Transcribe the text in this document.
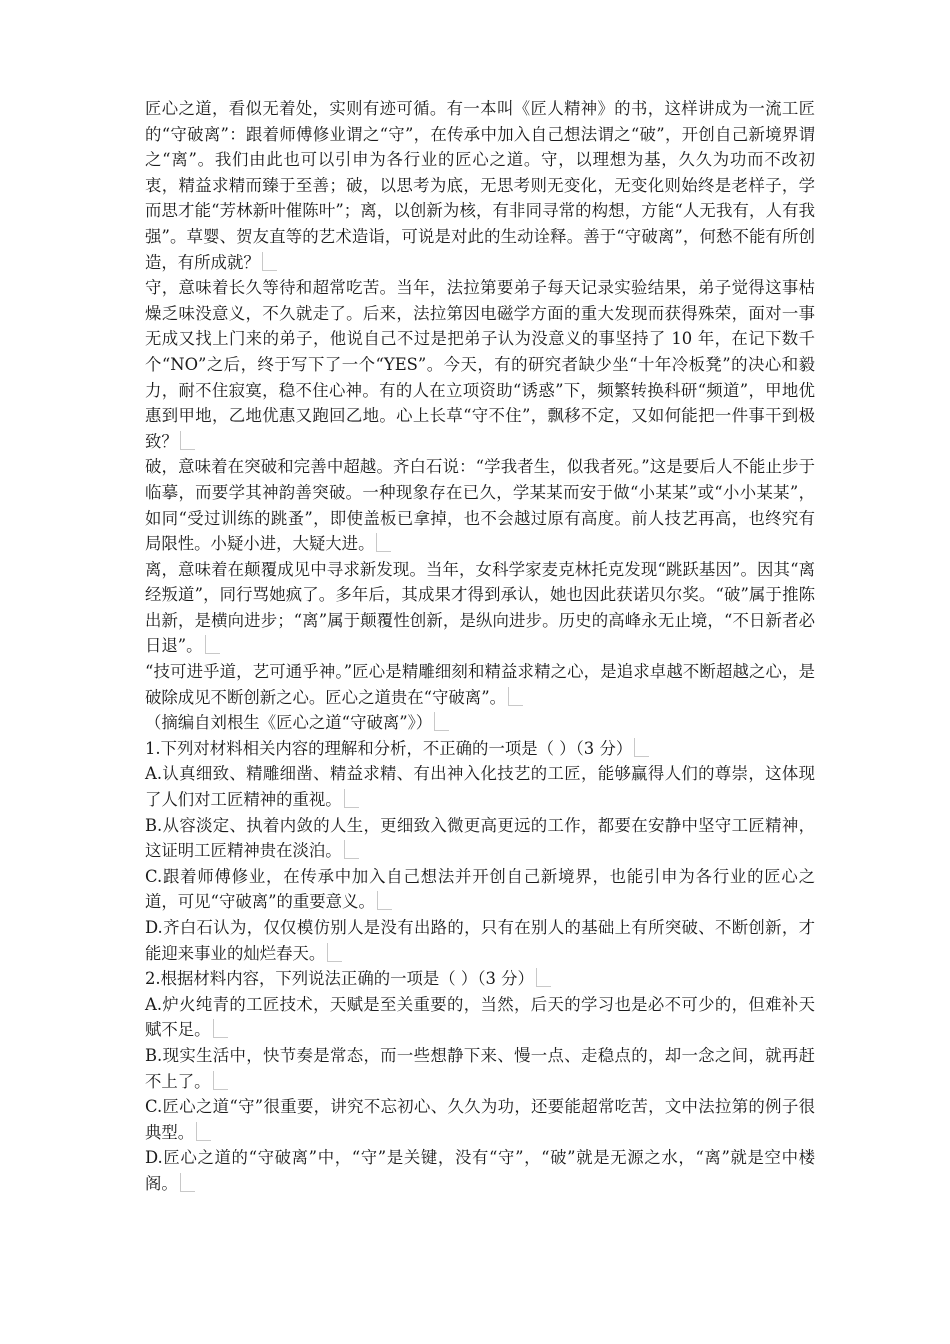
匠心之道，看似无着处，实则有迹可循。有一本叫《匠人精神》的书，这样讲成为一流工匠的“守破离”：跟着师傅修业谓之“守”，在传承中加入自己想法谓之“破”，开创自己新境界谓之“离”。我们由此也可以引申为各行业的匠心之道。守，以理想为基，久久为功而不改初衷，精益求精而臻于至善；破，以思考为底，无思考则无变化，无变化则始终是老样子，学而思才能“芳林新叶催陈叶”；离，以创新为核，有非同寻常的构想，方能“人无我有，人有我强”。草婴、贺友直等的艺术造诣，可说是对此的生动诠释。善于“守破离”，何愁不能有所创造，有所成就？

守，意味着长久等待和超常吃苦。当年，法拉第要弟子每天记录实验结果，弟子觉得这事枯燥乏味没意义，不久就走了。后来，法拉第因电磁学方面的重大发现而获得殊荣，面对一事无成又找上门来的弟子，他说自己不过是把弟子认为没意义的事坚持了 10 年，在记下数千个“NO”之后，终于写下了一个“YES”。今天，有的研究者缺少坐“十年冷板凳”的决心和毅力，耐不住寂寞，稳不住心神。有的人在立项资助“诱惑”下，频繁转换科研“频道”，甲地优惠到甲地，乙地优惠又跑回乙地。心上长草“守不住”，飘移不定，又如何能把一件事干到极致？

破，意味着在突破和完善中超越。齐白石说：“学我者生，似我者死。”这是要后人不能止步于临摹，而要学其神韵善突破。一种现象存在已久，学某某而安于做“小某某”或“小小某某”，如同“受过训练的跳蚤”，即使盖板已拿掉，也不会越过原有高度。前人技艺再高，也终究有局限性。小疑小进，大疑大进。

离，意味着在颠覆成见中寻求新发现。当年，女科学家麦克林托克发现“跳跃基因”。因其“离经叛道”，同行骂她疯了。多年后，其成果才得到承认，她也因此获诺贝尔奖。“破”属于推陈出新，是横向进步；“离”属于颠覆性创新，是纵向进步。历史的高峰永无止境，“不日新者必日退”。

“技可进乎道，艺可通乎神。”匠心是精雕细刻和精益求精之心，是追求卓越不断超越之心，是破除成见不断创新之心。匠心之道贵在“守破离”。

（摘编自刘根生《匠心之道“守破离”》）

1.下列对材料相关内容的理解和分析，不正确的一项是（ ）（3 分）

A.认真细致、精雕细凿、精益求精、有出神入化技艺的工匠，能够赢得人们的尊崇，这体现了人们对工匠精神的重视。

B.从容淡定、执着内敛的人生，更细致入微更高更远的工作，都要在安静中坚守工匠精神，这证明工匠精神贵在淡泊。

C.跟着师傅修业，在传承中加入自己想法并开创自己新境界，也能引申为各行业的匠心之道，可见“守破离”的重要意义。

D.齐白石认为，仅仅模仿别人是没有出路的，只有在别人的基础上有所突破、不断创新，才能迎来事业的灿烂春天。

2.根据材料内容，下列说法正确的一项是（ ）（3 分）

A.炉火纯青的工匠技术，天赋是至关重要的，当然，后天的学习也是必不可少的，但难补天赋不足。

B.现实生活中，快节奏是常态，而一些想静下来、慢一点、走稳点的，却一念之间，就再赶不上了。

C.匠心之道“守”很重要，讲究不忘初心、久久为功，还要能超常吃苦，文中法拉第的例子很典型。

D.匠心之道的“守破离”中，“守”是关键，没有“守”，“破”就是无源之水，“离”就是空中楼阁。
